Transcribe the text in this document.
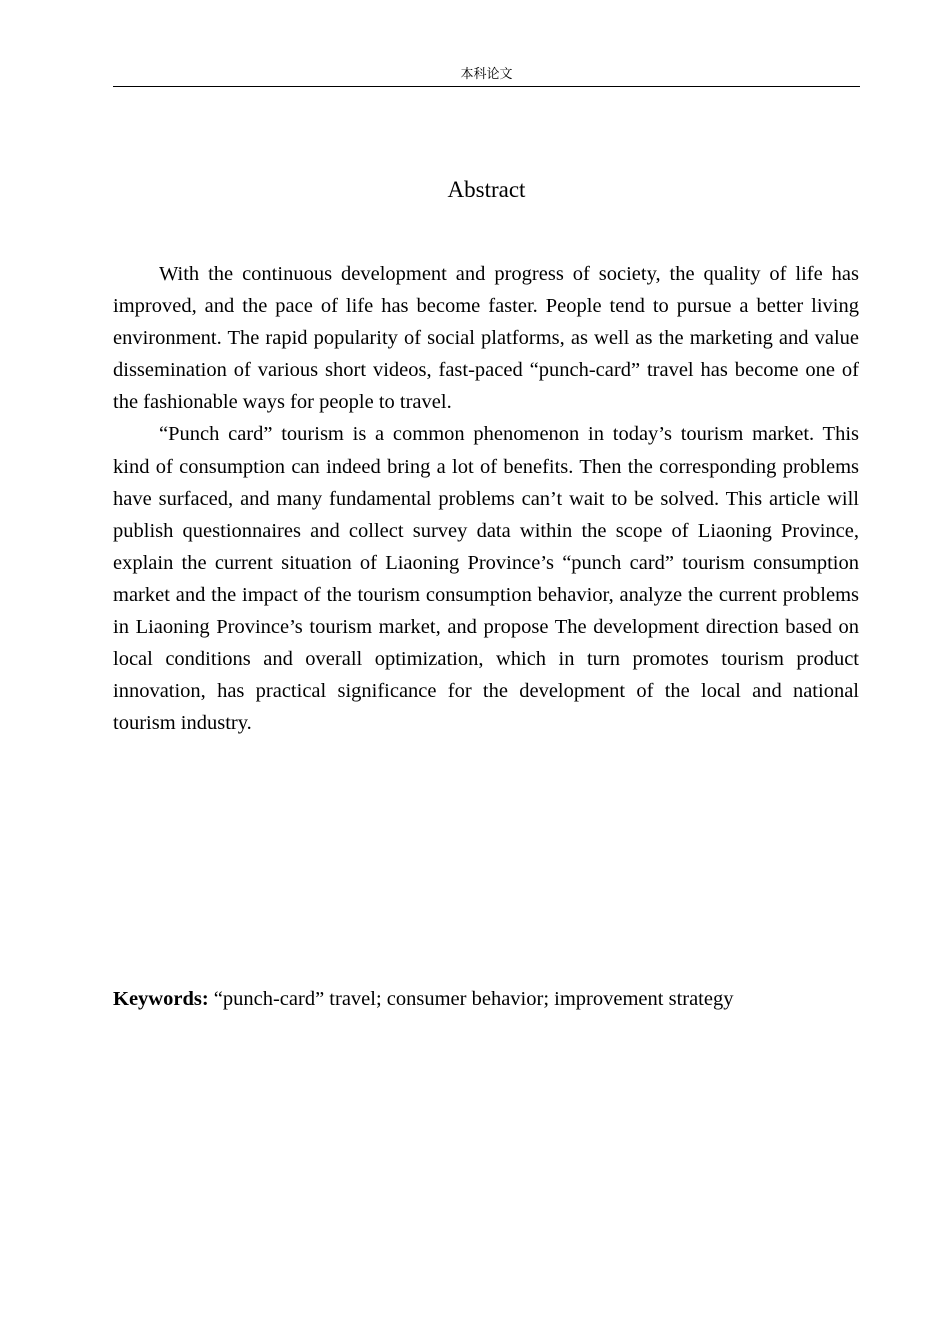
本科论文
Abstract

With the continuous development and progress of society, the quality of life has improved, and the pace of life has become faster. People tend to pursue a better living environment. The rapid popularity of social platforms, as well as the marketing and value dissemination of various short videos, fast-paced “punch-card” travel has become one of the fashionable ways for people to travel.

“Punch card” tourism is a common phenomenon in today’s tourism market. This kind of consumption can indeed bring a lot of benefits. Then the corresponding problems have surfaced, and many fundamental problems can’t wait to be solved. This article will publish questionnaires and collect survey data within the scope of Liaoning Province, explain the current situation of Liaoning Province’s “punch card” tourism consumption market and the impact of the tourism consumption behavior, analyze the current problems in Liaoning Province’s tourism market, and propose The development direction based on local conditions and overall optimization, which in turn promotes tourism product innovation, has practical significance for the development of the local and national tourism industry.

Keywords: “punch-card” travel; consumer behavior; improvement strategy
